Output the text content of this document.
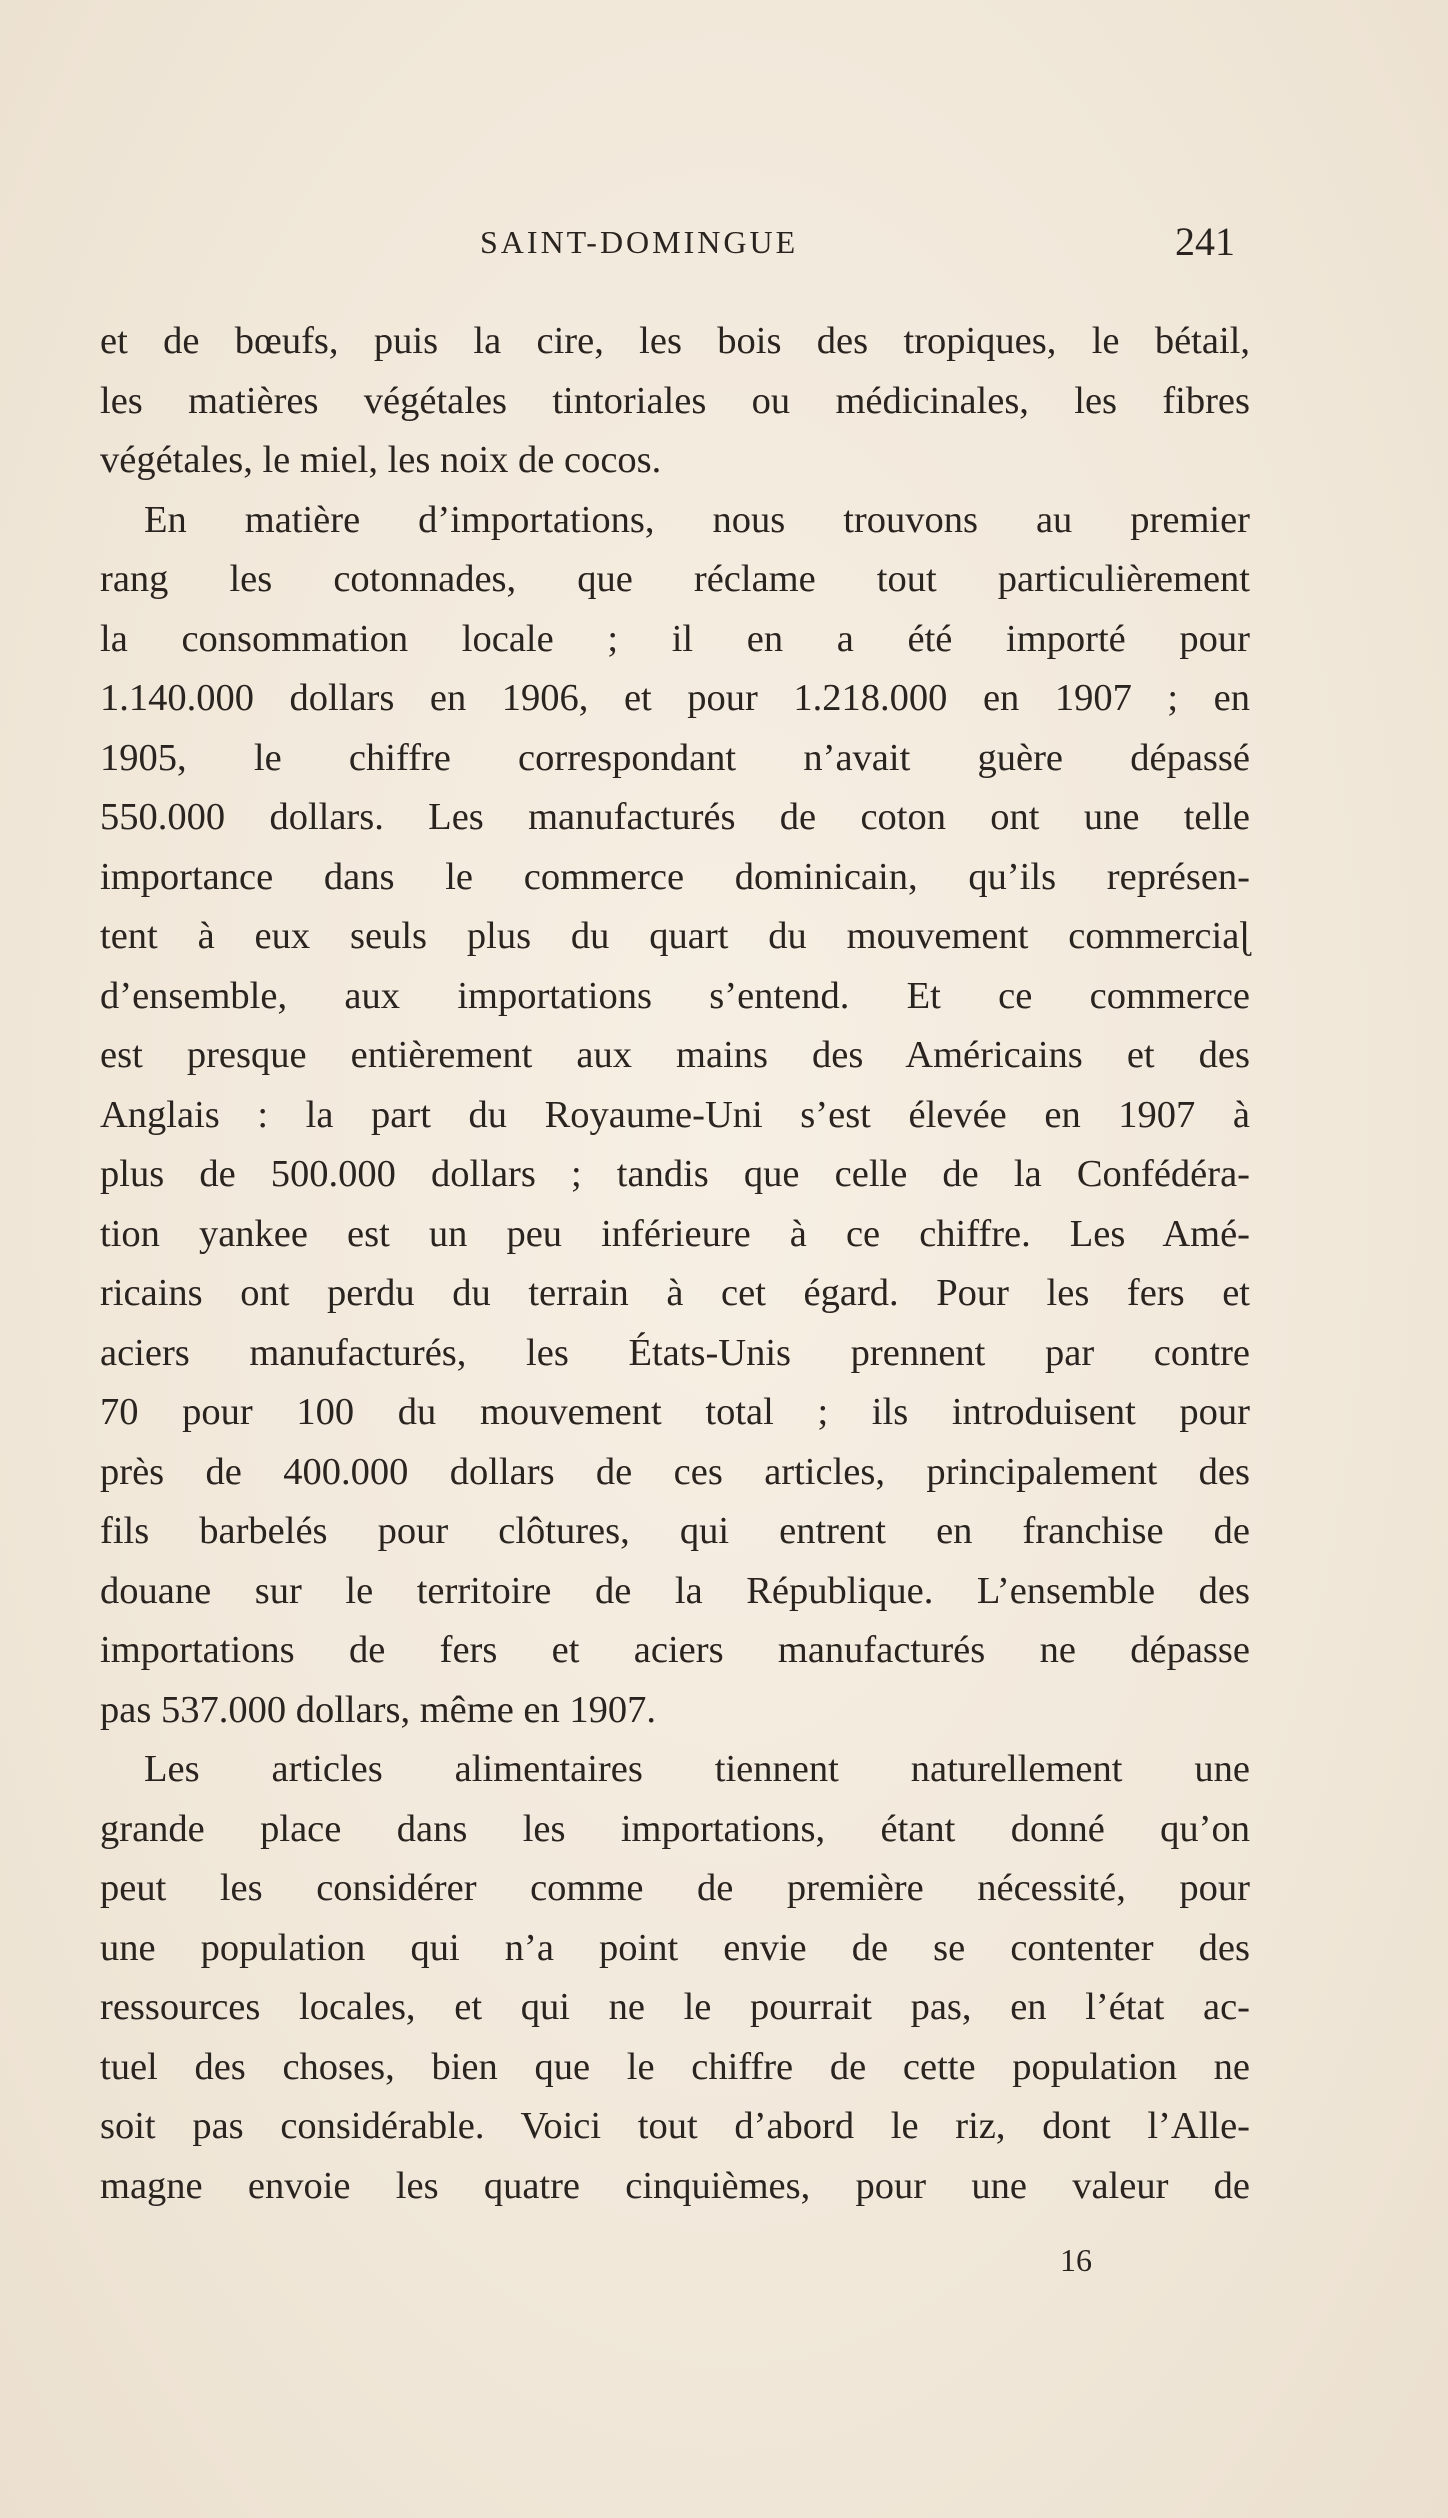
SAINT-DOMINGUE	241
et de bœufs, puis la cire, les bois des tropiques, le bétail,
les matières végétales tintoriales ou médicinales, les fibres
végétales, le miel, les noix de cocos.
En matière d’importations, nous trouvons au premier
rang les cotonnades, que réclame tout particulièrement
la consommation locale ; il en a été importé pour
1.140.000 dollars en 1906, et pour 1.218.000 en 1907 ; en
1905, le chiffre correspondant n’avait guère dépassé
550.000 dollars. Les manufacturés de coton ont une telle
importance dans le commerce dominicain, qu’ils représen-
tent à eux seuls plus du quart du mouvement commerciaɭ
d’ensemble, aux importations s’entend. Et ce commerce
est presque entièrement aux mains des Américains et des
Anglais : la part du Royaume-Uni s’est élevée en 1907 à
plus de 500.000 dollars ; tandis que celle de la Confédéra-
tion yankee est un peu inférieure à ce chiffre. Les Amé-
ricains ont perdu du terrain à cet égard. Pour les fers et
aciers manufacturés, les États-Unis prennent par contre
70 pour 100 du mouvement total ; ils introduisent pour
près de 400.000 dollars de ces articles, principalement des
fils barbelés pour clôtures, qui entrent en franchise de
douane sur le territoire de la République. L’ensemble des
importations de fers et aciers manufacturés ne dépasse
pas 537.000 dollars, même en 1907.
Les articles alimentaires tiennent naturellement une
grande place dans les importations, étant donné qu’on
peut les considérer comme de première nécessité, pour
une population qui n’a point envie de se contenter des
ressources locales, et qui ne le pourrait pas, en l’état ac-
tuel des choses, bien que le chiffre de cette population ne
soit pas considérable. Voici tout d’abord le riz, dont l’Alle-
magne envoie les quatre cinquièmes, pour une valeur de
16
